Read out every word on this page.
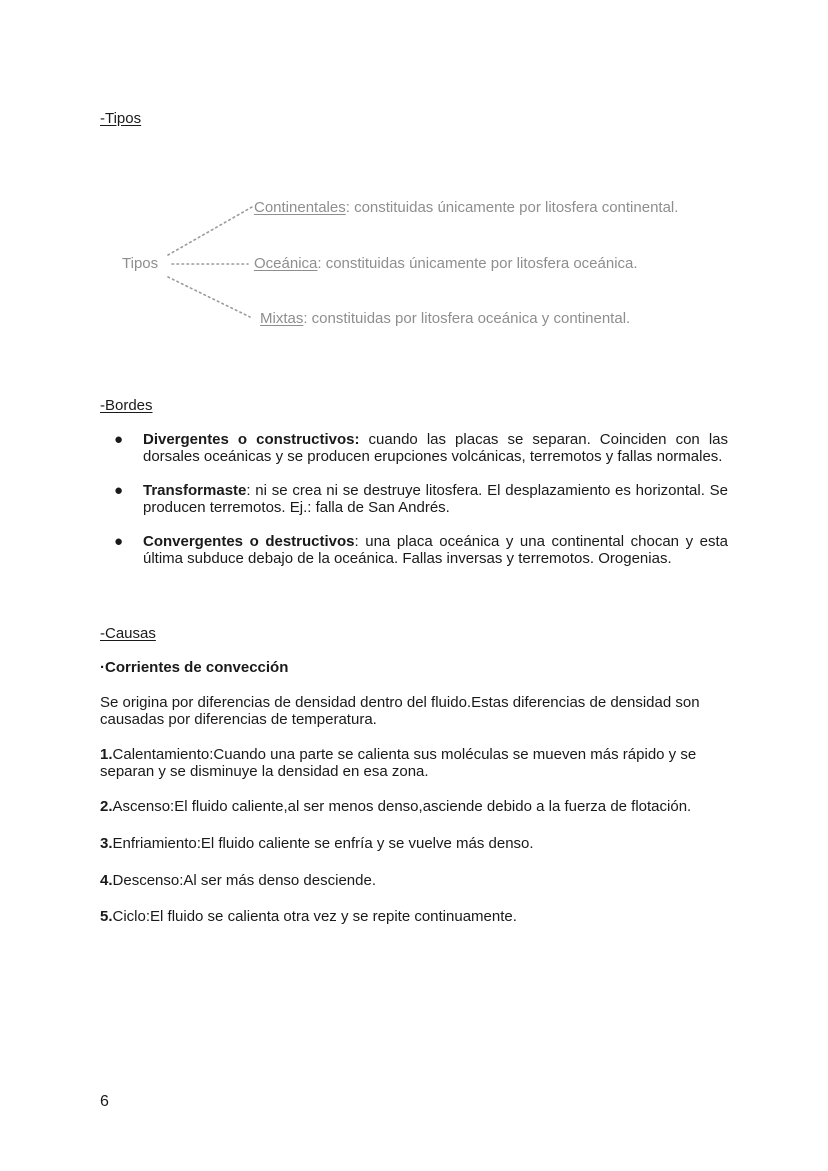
-Tipos
Tipos
Continentales: constituidas únicamente por litosfera continental.
Oceánica: constituidas únicamente por litosfera oceánica.
Mixtas: constituidas por litosfera oceánica y continental.
-Bordes
● Divergentes o constructivos: cuando las placas se separan. Coinciden con las dorsales oceánicas y se producen erupciones volcánicas, terremotos y fallas normales.
● Transformaste: ni se crea ni se destruye litosfera. El desplazamiento es horizontal. Se producen terremotos. Ej.: falla de San Andrés.
● Convergentes o destructivos: una placa oceánica y una continental chocan y esta última subduce debajo de la oceánica. Fallas inversas y terremotos. Orogenias.
-Causas
·Corrientes de convección
Se origina por diferencias de densidad dentro del fluido.Estas diferencias de densidad son causadas por diferencias de temperatura.
1.Calentamiento:Cuando una parte se calienta sus moléculas se mueven más rápido y se separan y se disminuye la densidad en esa zona.
2.Ascenso:El fluido caliente,al ser menos denso,asciende debido a la fuerza de flotación.
3.Enfriamiento:El fluido caliente se enfría y se vuelve más denso.
4.Descenso:Al ser más denso desciende.
5.Ciclo:El fluido se calienta otra vez y se repite continuamente.
6
